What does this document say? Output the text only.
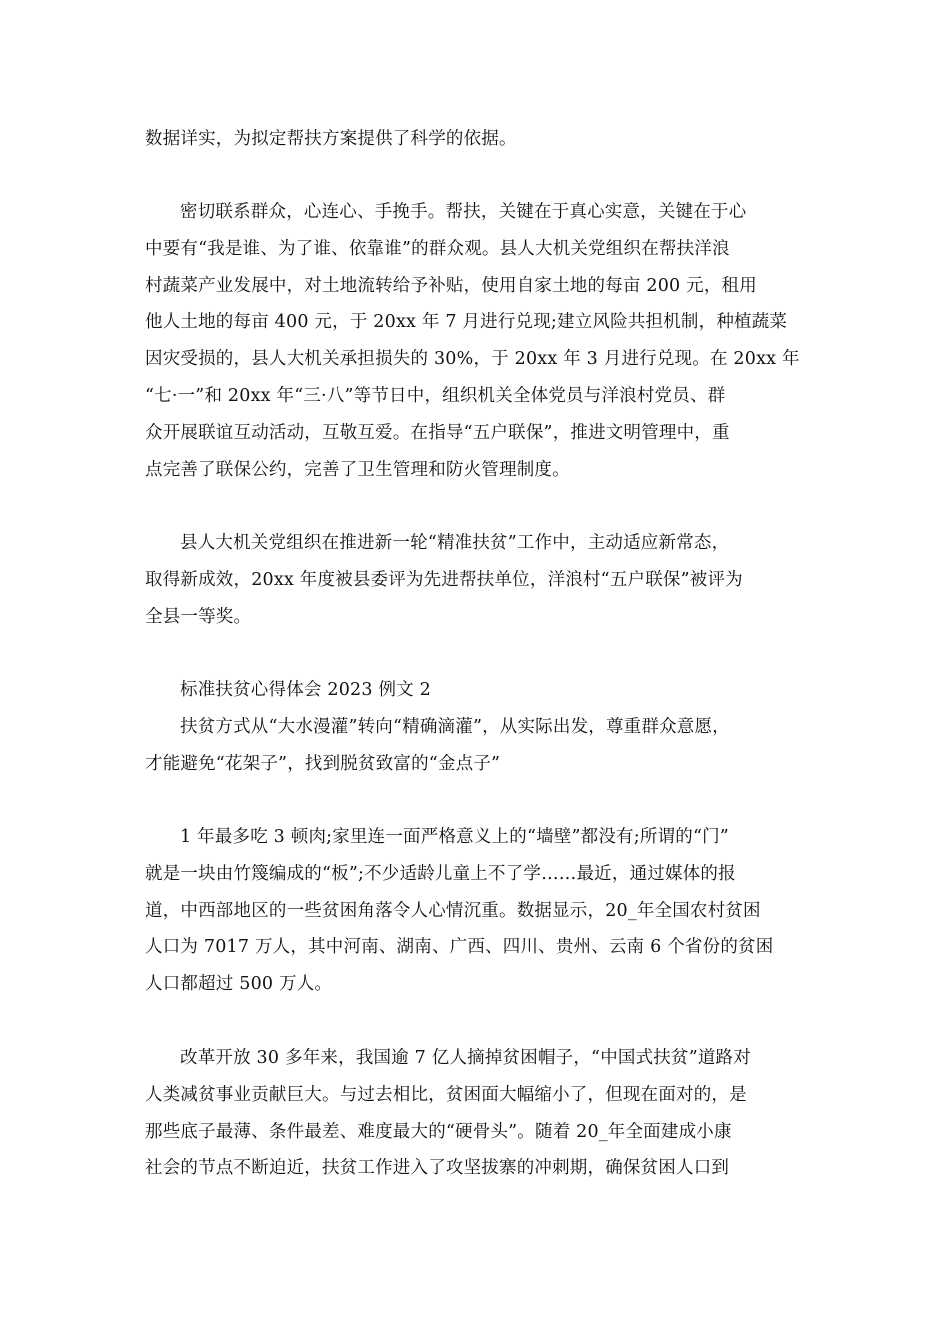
数据详实，为拟定帮扶方案提供了科学的依据。
密切联系群众，心连心、手挽手。帮扶，关键在于真心实意，关键在于心
中要有“我是谁、为了谁、依靠谁”的群众观。县人大机关党组织在帮扶洋浪
村蔬菜产业发展中，对土地流转给予补贴，使用自家土地的每亩 200 元，租用
他人土地的每亩 400 元，于 20xx 年 7 月进行兑现;建立风险共担机制，种植蔬菜
因灾受损的，县人大机关承担损失的 30%，于 20xx 年 3 月进行兑现。在 20xx 年
“七·一”和 20xx 年“三·八”等节日中，组织机关全体党员与洋浪村党员、群
众开展联谊互动活动，互敬互爱。在指导“五户联保”，推进文明管理中，重
点完善了联保公约，完善了卫生管理和防火管理制度。
县人大机关党组织在推进新一轮“精准扶贫”工作中，主动适应新常态，
取得新成效，20xx 年度被县委评为先进帮扶单位，洋浪村“五户联保”被评为
全县一等奖。
标准扶贫心得体会 2023 例文 2
扶贫方式从“大水漫灌”转向“精确滴灌”，从实际出发，尊重群众意愿，
才能避免“花架子”，找到脱贫致富的“金点子”
1 年最多吃 3 顿肉;家里连一面严格意义上的“墙壁”都没有;所谓的“门”
就是一块由竹篾编成的“板”;不少适龄儿童上不了学……最近，通过媒体的报
道，中西部地区的一些贫困角落令人心情沉重。数据显示，20_年全国农村贫困
人口为 7017 万人，其中河南、湖南、广西、四川、贵州、云南 6 个省份的贫困
人口都超过 500 万人。
改革开放 30 多年来，我国逾 7 亿人摘掉贫困帽子，“中国式扶贫”道路对
人类减贫事业贡献巨大。与过去相比，贫困面大幅缩小了，但现在面对的，是
那些底子最薄、条件最差、难度最大的“硬骨头”。随着 20_年全面建成小康
社会的节点不断迫近，扶贫工作进入了攻坚拔寨的冲刺期，确保贫困人口到
